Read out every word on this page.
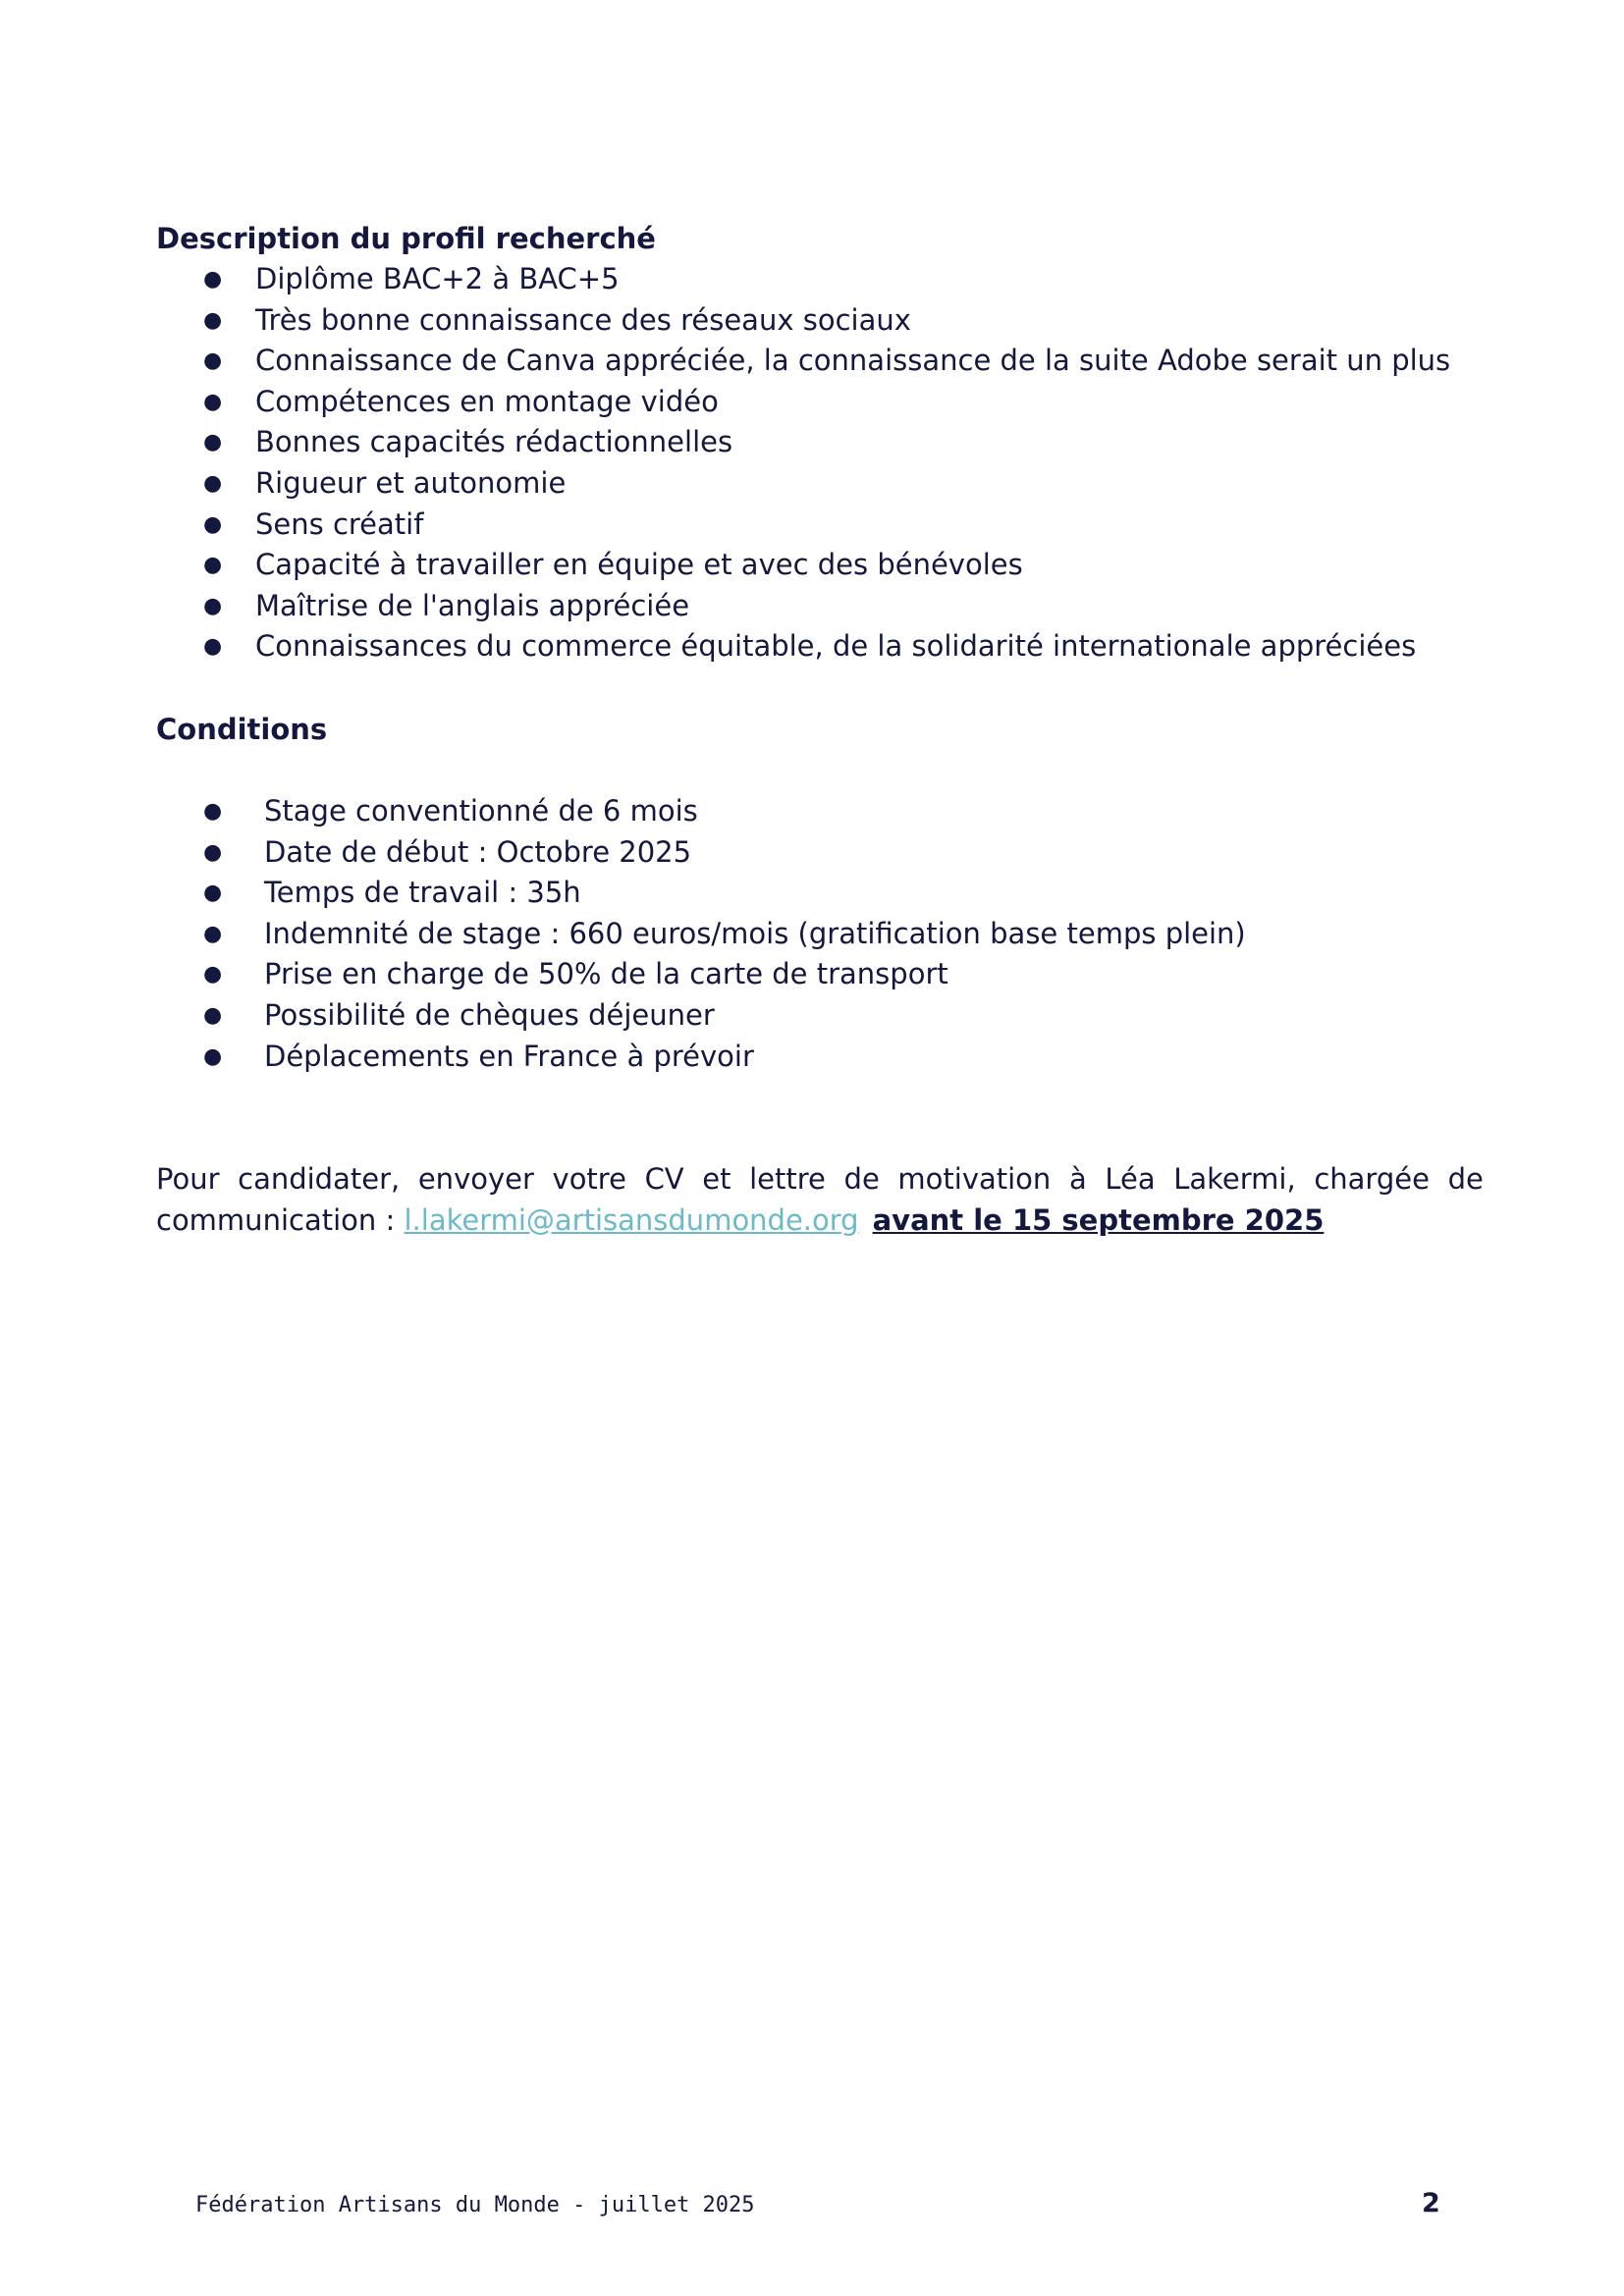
Description du profil recherché
● Diplôme BAC+2 à BAC+5
● Très bonne connaissance des réseaux sociaux
● Connaissance de Canva appréciée, la connaissance de la suite Adobe serait un plus
● Compétences en montage vidéo
● Bonnes capacités rédactionnelles
● Rigueur et autonomie
● Sens créatif
● Capacité à travailler en équipe et avec des bénévoles
● Maîtrise de l'anglais appréciée
● Connaissances du commerce équitable, de la solidarité internationale appréciées
Conditions
● Stage conventionné de 6 mois
● Date de début : Octobre 2025
● Temps de travail : 35h
● Indemnité de stage : 660 euros/mois (gratification base temps plein)
● Prise en charge de 50% de la carte de transport
● Possibilité de chèques déjeuner
● Déplacements en France à prévoir
Pour candidater, envoyer votre CV et lettre de motivation à Léa Lakermi, chargée de
communication : l.lakermi@artisansdumonde.org avant le 15 septembre 2025
Fédération Artisans du Monde - juillet 2025	2
